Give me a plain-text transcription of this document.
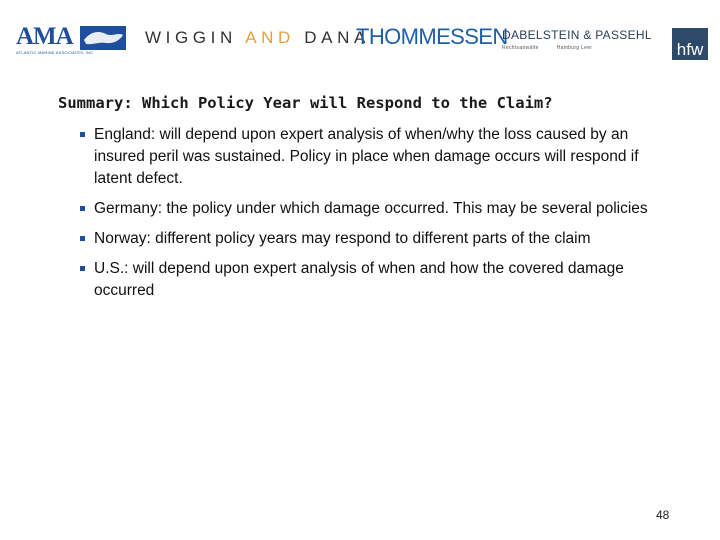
AMA
ATLANTIC MARINE ASSOCIATES, INC.
WIGGIN AND DANA
THOMMESSEN
DABELSTEIN & PASSEHL
Rechtsanwälte	Hamburg Leer	hfw
Summary: Which Policy Year will Respond to the Claim?
England: will depend upon expert analysis of when/why the loss caused by an insured peril was sustained. Policy in place when damage occurs will respond if latent defect.
Germany: the policy under which damage occurred. This may be several policies
Norway: different policy years may respond to different parts of the claim
U.S.: will depend upon expert analysis of when and how the covered damage occurred
48
